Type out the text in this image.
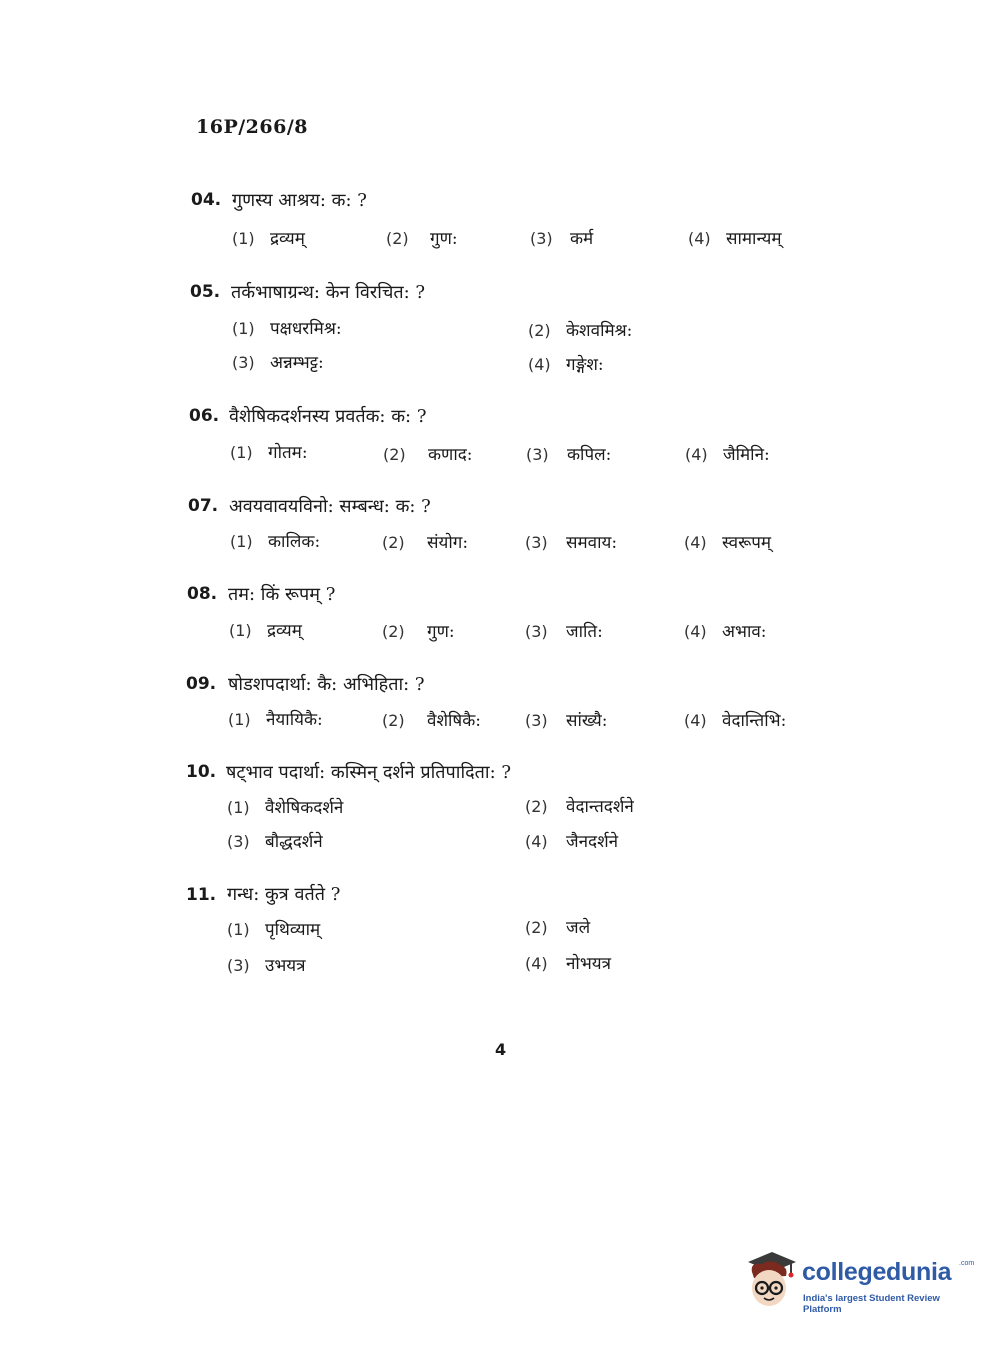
16P/266/8
04. गुणस्य आश्रय: क: ?
(1) द्रव्यम्	(2) गुण:	(3) कर्म	(4) सामान्यम्
05. तर्कभाषाग्रन्थ: केन विरचित: ?
(1) पक्षधरमिश्र:	(2) केशवमिश्र:
(3) अन्नम्भट्ट:	(4) गङ्गेश:
06. वैशेषिकदर्शनस्य प्रवर्तक: क: ?
(1) गोतम:	(2) कणाद:	(3) कपिल:	(4) जैमिनि:
07. अवयवावयविनो: सम्बन्ध: क: ?
(1) कालिक:	(2) संयोग:	(3) समवाय:	(4) स्वरूपम्
08. तम: किं रूपम् ?
(1) द्रव्यम्	(2) गुण:	(3) जाति:	(4) अभाव:
09. षोडशपदार्था: कै: अभिहिता: ?
(1) नैयायिकै:	(2) वैशेषिकै:	(3) सांख्यै:	(4) वेदान्तिभि:
10. षट्भाव पदार्था: कस्मिन् दर्शने प्रतिपादिता: ?
(1) वैशेषिकदर्शने	(2) वेदान्तदर्शने
(3) बौद्धदर्शने	(4) जैनदर्शने
11. गन्ध: कुत्र वर्तते ?
(1) पृथिव्याम्	(2) जले
(3) उभयत्र	(4) नोभयत्र
4
collegedunia .com
India's largest Student Review Platform
